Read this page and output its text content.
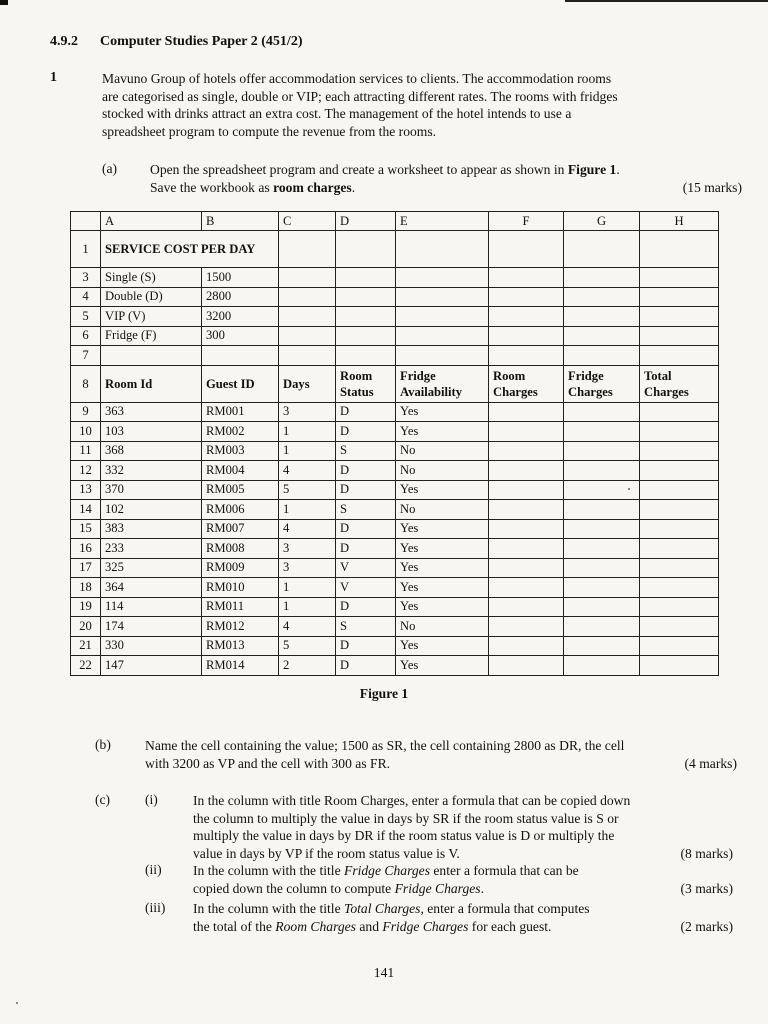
4.9.2 Computer Studies Paper 2 (451/2)
1	Mavuno Group of hotels offer accommodation services to clients. The accommodation rooms

are categorised as single, double or VIP; each attracting different rates. The rooms with fridges

stocked with drinks attract an extra cost. The management of the hotel intends to use a

spreadsheet program to compute the revenue from the rooms.

(a) Open the spreadsheet program and create a worksheet to appear as shown in Figure 1.
Save the workbook as room charges.	(15 marks)
	A	B	C	D	E	F	G	H
1	SERVICE COST PER DAY							
3	Single (S)	1500						
4	Double (D)	2800						
5	VIP (V)	3200						
6	Fridge (F)	300						
7								
8	Room Id	Guest ID	Days	Room Status	Fridge Availability	Room Charges	Fridge Charges	Total Charges
9	363	RM001	3	D	Yes			
10	103	RM002	1	D	Yes			
11	368	RM003	1	S	No			
12	332	RM004	4	D	No			
13	370	RM005	5	D	Yes			
14	102	RM006	1	S	No			
15	383	RM007	4	D	Yes			
16	233	RM008	3	D	Yes			
17	325	RM009	3	V	Yes			
18	364	RM010	1	V	Yes			
19	114	RM011	1	D	Yes			
20	174	RM012	4	S	No			
21	330	RM013	5	D	Yes			
22	147	RM014	2	D	Yes			
Figure 1
(b)	Name the cell containing the value; 1500 as SR, the cell containing 2800 as DR, the cell
with 3200 as VP and the cell with 300 as FR.	(4 marks)
(c)	(i)	In the column with title Room Charges, enter a formula that can be copied down
the column to multiply the value in days by SR if the room status value is S or
multiply the value in days by DR if the room status value is D or multiply the
value in days by VP if the room status value is V.	(8 marks)
(ii) In the column with the title Fridge Charges enter a formula that can be
copied down the column to compute Fridge Charges.	(3 marks)
(iii) In the column with the title Total Charges, enter a formula that computes
the total of the Room Charges and Fridge Charges for each guest.	(2 marks)
141
